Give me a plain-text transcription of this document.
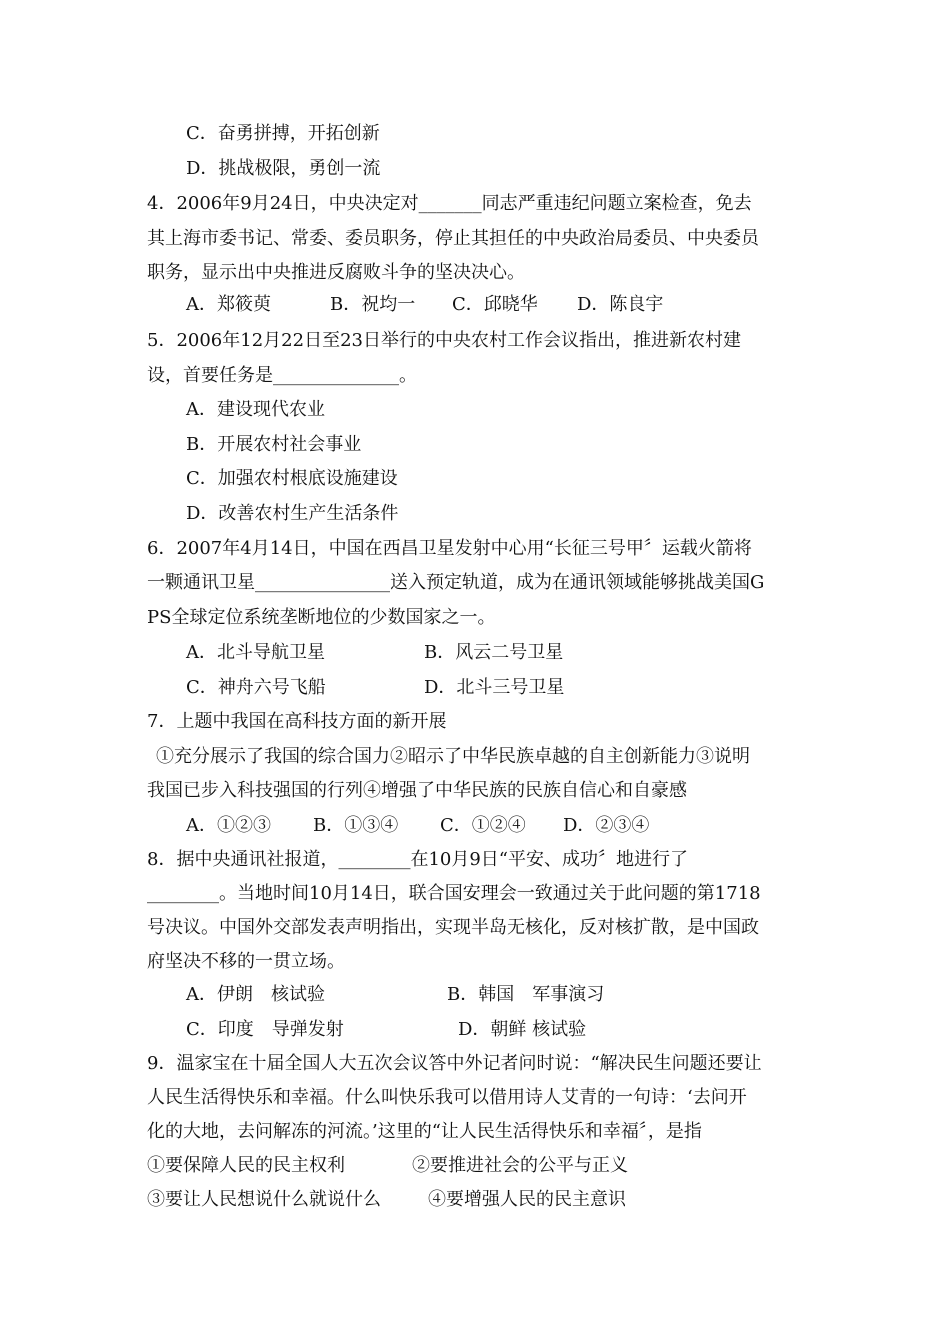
C．奋勇拼搏，开拓创新
D．挑战极限，勇创一流
4．2006年9月24日，中央决定对_______同志严重违纪问题立案检查，免去
其上海市委书记、常委、委员职务，停止其担任的中央政治局委员、中央委员
职务，显示出中央推进反腐败斗争的坚决决心。
A．郑筱萸	B．祝均一 C．邱晓华 D．陈良宇
5．2006年12月22日至23日举行的中央农村工作会议指出，推进新农村建
设，首要任务是______________。
A．建设现代农业
B．开展农村社会事业
C．加强农村根底设施建设
D．改善农村生产生活条件
6．2007年4月14日，中国在西昌卫星发射中心用“长征三号甲〞运载火箭将
一颗通讯卫星_______________送入预定轨道，成为在通讯领域能够挑战美国G
PS全球定位系统垄断地位的少数国家之一。
A．北斗导航卫星	B．风云二号卫星
C．神舟六号飞船	D．北斗三号卫星
7．上题中我国在高科技方面的新开展
①充分展示了我国的综合国力②昭示了中华民族卓越的自主创新能力③说明
我国已步入科技强国的行列④增强了中华民族的民族自信心和自豪感
A．①②③ B．①③④ C．①②④ D．②③④
8．据中央通讯社报道，________在10月9日“平安、成功〞地进行了
________。当地时间10月14日，联合国安理会一致通过关于此问题的第1718
号决议。中国外交部发表声明指出，实现半岛无核化，反对核扩散，是中国政
府坚决不移的一贯立场。
A．伊朗　核试验	B．韩国　军事演习
C．印度　导弹发射	D．朝鲜 核试验
9．温家宝在十届全国人大五次会议答中外记者问时说：“解决民生问题还要让
人民生活得快乐和幸福。什么叫快乐我可以借用诗人艾青的一句诗：‘去问开
化的大地，去问解冻的河流。’这里的“让人民生活得快乐和幸福〞，是指
①要保障人民的民主权利	②要推进社会的公平与正义
③要让人民想说什么就说什么	④要增强人民的民主意识
